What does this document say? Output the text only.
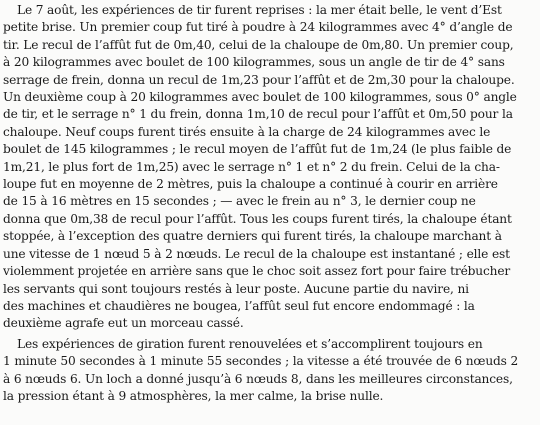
Le 7 août, les expériences de tir furent reprises : la mer était belle, le vent d’Est
petite brise. Un premier coup fut tiré à poudre à 24 kilogrammes avec 4° d’angle de
tir. Le recul de l’affût fut de 0m,40, celui de la chaloupe de 0m,80. Un premier coup,
à 20 kilogrammes avec boulet de 100 kilogrammes, sous un angle de tir de 4° sans
serrage de frein, donna un recul de 1m,23 pour l’affût et de 2m,30 pour la chaloupe.
Un deuxième coup à 20 kilogrammes avec boulet de 100 kilogrammes, sous 0° angle
de tir, et le serrage n° 1 du frein, donna 1m,10 de recul pour l’affût et 0m,50 pour la
chaloupe. Neuf coups furent tirés ensuite à la charge de 24 kilogrammes avec le
boulet de 145 kilogrammes ; le recul moyen de l’affût fut de 1m,24 (le plus faible de
1m,21, le plus fort de 1m,25) avec le serrage n° 1 et n° 2 du frein. Celui de la cha-
loupe fut en moyenne de 2 mètres, puis la chaloupe a continué à courir en arrière
de 15 à 16 mètres en 15 secondes ; — avec le frein au n° 3, le dernier coup ne
donna que 0m,38 de recul pour l’affût. Tous les coups furent tirés, la chaloupe étant
stoppée, à l’exception des quatre derniers qui furent tirés, la chaloupe marchant à
une vitesse de 1 nœud 5 à 2 nœuds. Le recul de la chaloupe est instantané ; elle est
violemment projetée en arrière sans que le choc soit assez fort pour faire trébucher
les servants qui sont toujours restés à leur poste. Aucune partie du navire, ni
des machines et chaudières ne bougea, l’affût seul fut encore endommagé : la
deuxième agrafe eut un morceau cassé.
Les expériences de giration furent renouvelées et s’accomplirent toujours en
1 minute 50 secondes à 1 minute 55 secondes ; la vitesse a été trouvée de 6 nœuds 2
à 6 nœuds 6. Un loch a donné jusqu’à 6 nœuds 8, dans les meilleures circonstances,
la pression étant à 9 atmosphères, la mer calme, la brise nulle.
